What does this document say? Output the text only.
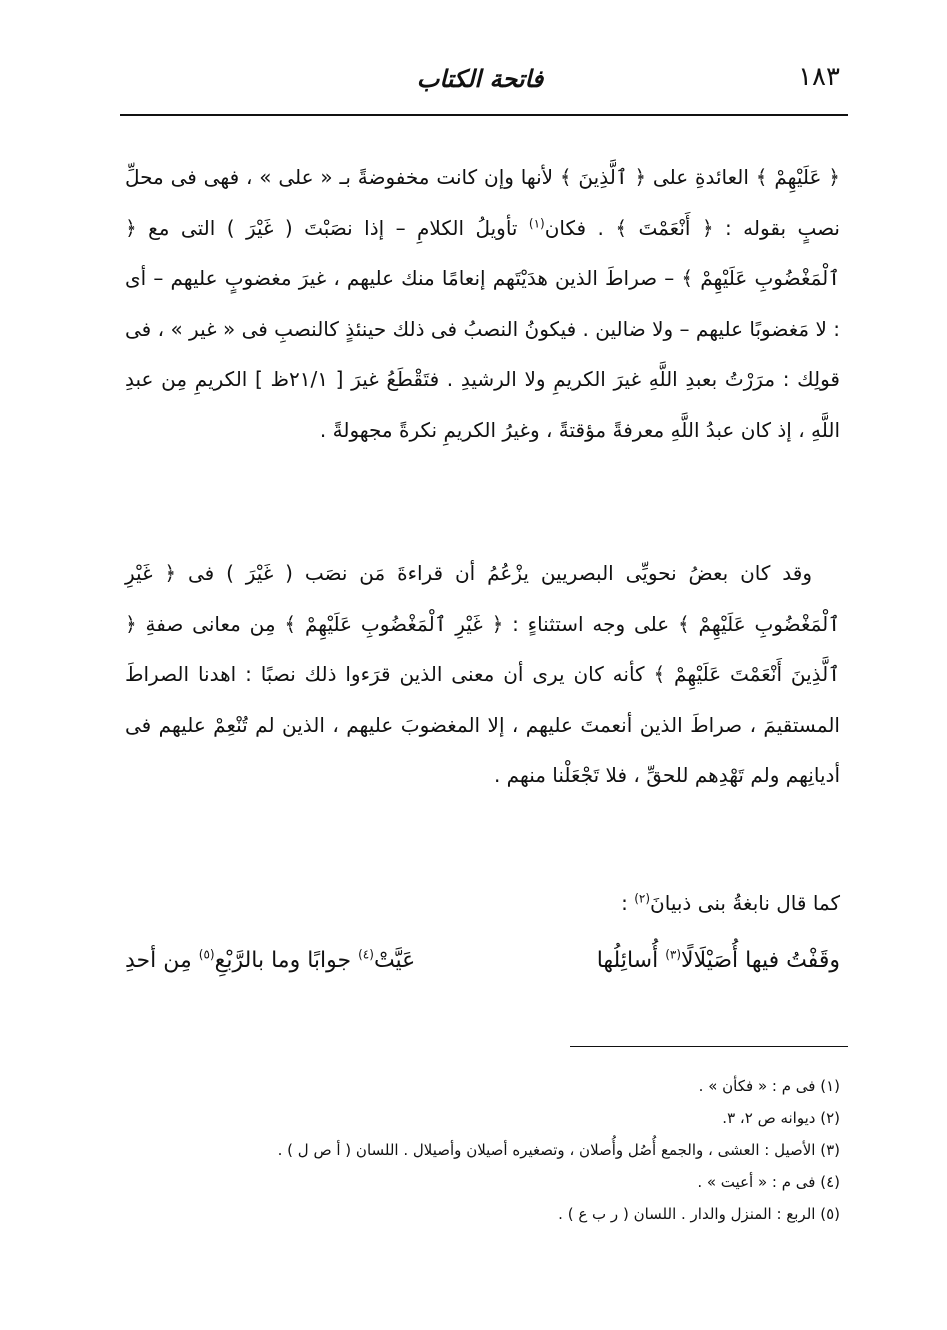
١٨٣
فاتحة الكتاب

﴿ عَلَيْهِمْ ﴾ العائدةِ على ﴿ ٱلَّذِينَ ﴾ لأنها وإن كانت مخفوضةً بـ « على » ، فهى فى محلِّ نصبٍ بقوله : ﴿ أَنْعَمْتَ ﴾ . فكان$^{(١)}$ تأويلُ الكلامِ – إذا نصَبْتَ ( غَيْرَ ) التى مع ﴿ ٱلْمَغْضُوبِ عَلَيْهِمْ ﴾ – صراطَ الذين هدَيْتَهم إنعامًا منك عليهم ، غيرَ مغضوبٍ عليهم – أى : لا مَغضوبًا عليهم – ولا ضالين . فيكونُ النصبُ فى ذلك حينئذٍ كالنصبِ فى « غير » ، فى قولِك : مرَرْتُ بعبدِ اللَّهِ غيرَ الكريمِ ولا الرشيدِ . فتَقْطَعُ غيرَ [ ٢١/١ظ ] الكريمِ مِن عبدِ اللَّهِ ، إذ كان عبدُ اللَّهِ معرفةً مؤقتةً ، وغيرُ الكريمِ نكرةً مجهولةً .

وقد كان بعضُ نحويِّى البصريين يزْعُمُ أن قراءةَ مَن نصَب ( غَيْرَ ) فى ﴿ غَيْرِ ٱلْمَغْضُوبِ عَلَيْهِمْ ﴾ على وجه استثناءٍ : ﴿ غَيْرِ ٱلْمَغْضُوبِ عَلَيْهِمْ ﴾ مِن معانى صفةِ ﴿ ٱلَّذِينَ أَنْعَمْتَ عَلَيْهِمْ ﴾ كأنه كان يرى أن معنى الذين قرَءوا ذلك نصبًا : اهدنا الصراطَ المستقيمَ ، صراطَ الذين أنعمتَ عليهم ، إلا المغضوبَ عليهم ، الذين لم تُنْعِمْ عليهم فى أديانِهم ولم تَهْدِهم للحقِّ ، فلا تَجْعَلْنا منهم .

كما قال نابغةُ بنى ذبيانَ$^{(٢)}$ :

وقَفْتُ فيها أُصَيْلَالًا$^{(٣)}$ أُسائِلُها
عَيَّتْ$^{(٤)}$ جوابًا وما بالرَّبْعِ$^{(٥)}$ مِن أحدِ
(١) فى م : « فكأن » .
(٢) ديوانه ص ٢، ٣.
(٣) الأصيل : العشى ، والجمع أُصُل وأُصلان ، وتصغيره أصيلان وأصيلال . اللسان ( أ ص ل ) .
(٤) فى م : « أعيت » .
(٥) الربع : المنزل والدار . اللسان ( ر ب ع ) .
